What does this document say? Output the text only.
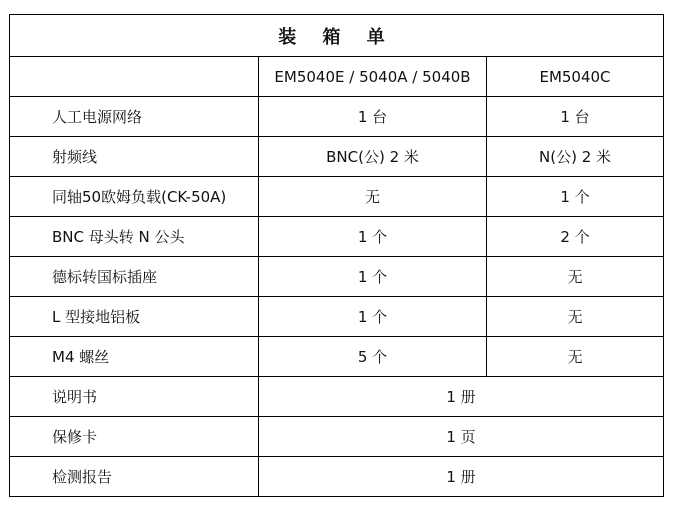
装 箱 单		
	EM5040E / 5040A / 5040B	EM5040C
人工电源网络	1 台	1 台
射频线	BNC(公) 2 米	N(公) 2 米
同轴50欧姆负载(CK-50A)	无	1 个
BNC 母头转 N 公头	1 个	2 个
德标转国标插座	1 个	无
L 型接地铝板	1 个	无
M4 螺丝	5 个	无
说明书	1 册	
保修卡	1 页	
检测报告	1 册	
